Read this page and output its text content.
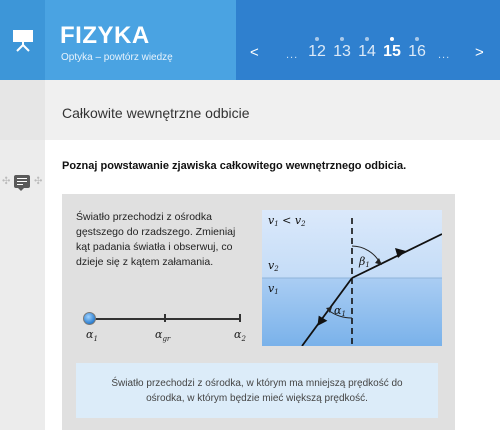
FIZYKA
Optyka – powtórz wiedzę	< ... 12 13 14 15 16 ... >
✣ ✣
Całkowite wewnętrzne odbicie
Poznaj powstawanie zjawiska całkowitego wewnętrznego odbicia.
Światło przechodzi z ośrodka gęstszego do rzadszego. Zmieniaj kąt padania światła i obserwuj, co dzieje się z kątem załamania.
$\alpha_1$	$\alpha_{gr}$	$\alpha_2$
v1 < v2
v2
v1
α1
β1
Światło przechodzi z ośrodka, w którym ma mniejszą prędkość do ośrodka, w którym będzie mieć większą prędkość.
